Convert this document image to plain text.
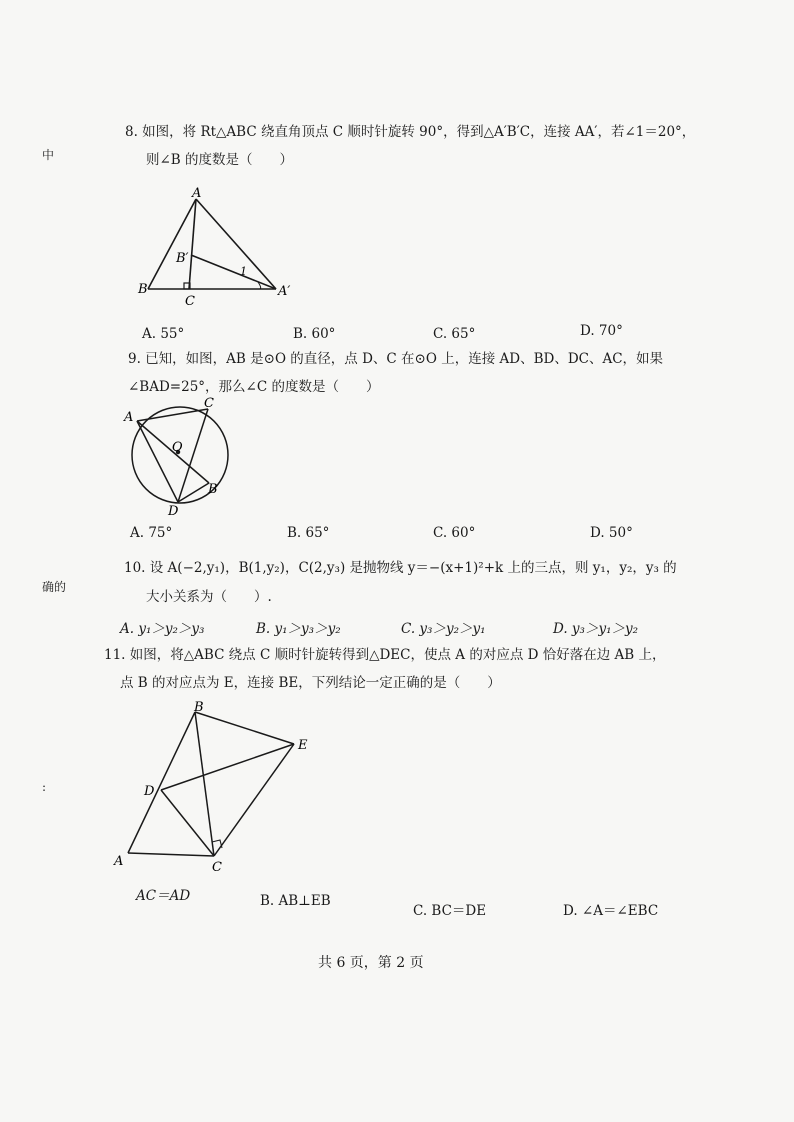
中
确的
:
8. 如图，将 Rt△ABC 绕直角顶点 C 顺时针旋转 90°，得到△A′B′C，连接 AA′，若∠1＝20°，
则∠B 的度数是（　　）
A
B
B′
C
A′
1
A. 55°	B. 60°	C. 65°	D. 70°
9. 已知，如图，AB 是⊙O 的直径，点 D、C 在⊙O 上，连接 AD、BD、DC、AC，如果
∠BAD=25°，那么∠C 的度数是（　　）
A
C
O
B
D
A. 75°	B. 65°	C. 60°	D. 50°
10. 设 A(−2,y₁)，B(1,y₂)，C(2,y₃) 是抛物线 y＝−(x+1)²+k 上的三点，则 y₁，y₂，y₃ 的
大小关系为（　　）.
A. y₁＞y₂＞y₃	B. y₁＞y₃＞y₂	C. y₃＞y₂＞y₁	D. y₃＞y₁＞y₂
11. 如图，将△ABC 绕点 C 顺时针旋转得到△DEC，使点 A 的对应点 D 恰好落在边 AB 上，
点 B 的对应点为 E，连接 BE，下列结论一定正确的是（　　）
B
E
D
A	C
AC＝AD	B. AB⊥EB
C. BC＝DE	D. ∠A＝∠EBC
共 6 页，第 2 页
